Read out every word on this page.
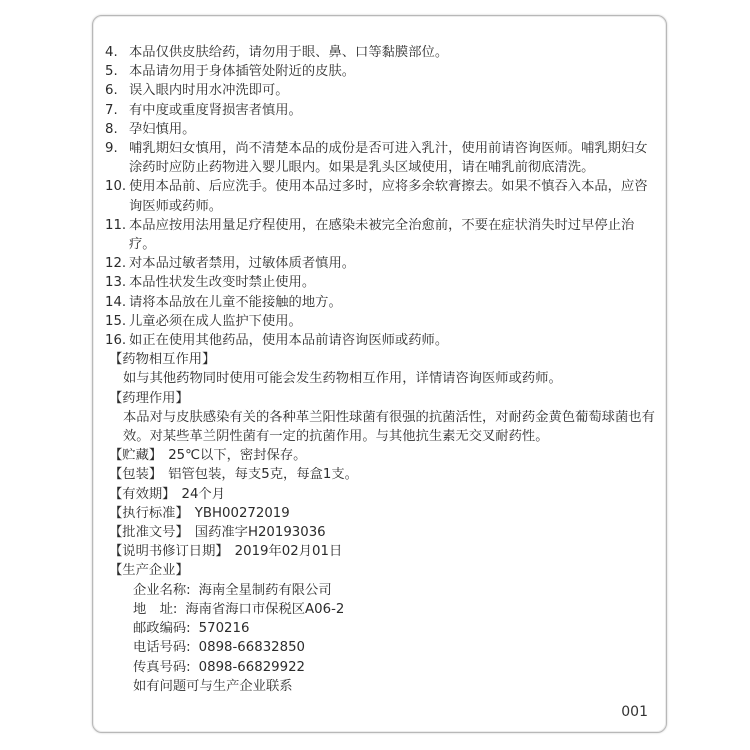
4. 本品仅供皮肤给药，请勿用于眼、鼻、口等黏膜部位。
5. 本品请勿用于身体插管处附近的皮肤。
6. 误入眼内时用水冲洗即可。
7. 有中度或重度肾损害者慎用。
8. 孕妇慎用。
9. 哺乳期妇女慎用，尚不清楚本品的成份是否可进入乳汁，使用前请咨询医师。哺乳期妇女涂药时应防止药物进入婴儿眼内。如果是乳头区域使用，请在哺乳前彻底清洗。
10. 使用本品前、后应洗手。使用本品过多时，应将多余软膏擦去。如果不慎吞入本品，应咨询医师或药师。
11. 本品应按用法用量足疗程使用，在感染未被完全治愈前，不要在症状消失时过早停止治疗。
12. 对本品过敏者禁用，过敏体质者慎用。
13. 本品性状发生改变时禁止使用。
14. 请将本品放在儿童不能接触的地方。
15. 儿童必须在成人监护下使用。
16. 如正在使用其他药品，使用本品前请咨询医师或药师。
【药物相互作用】
如与其他药物同时使用可能会发生药物相互作用，详情请咨询医师或药师。
【药理作用】
本品对与皮肤感染有关的各种革兰阳性球菌有很强的抗菌活性，对耐药金黄色葡萄球菌也有效。对某些革兰阴性菌有一定的抗菌作用。与其他抗生素无交叉耐药性。
【贮藏】 25℃以下，密封保存。
【包装】 铝管包装，每支5克，每盒1支。
【有效期】 24个月
【执行标准】 YBH00272019
【批准文号】 国药准字H20193036
【说明书修订日期】 2019年02月01日
【生产企业】
企业名称: 海南全星制药有限公司
地　址: 海南省海口市保税区A06-2
邮政编码: 570216
电话号码: 0898-66832850
传真号码: 0898-66829922
如有问题可与生产企业联系
001
